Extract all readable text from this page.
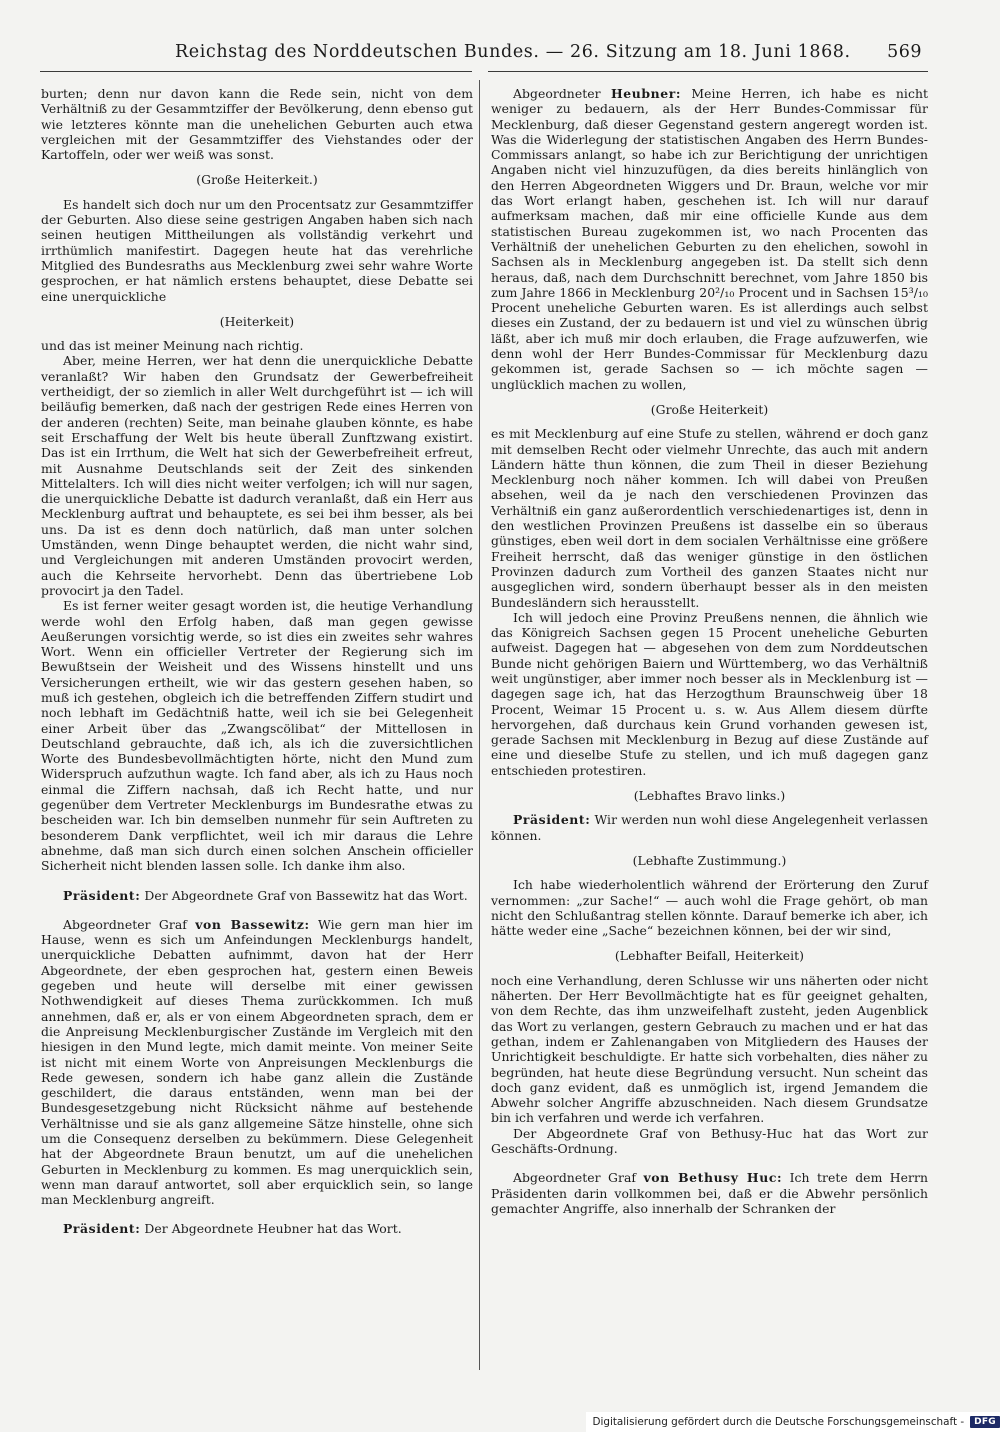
Reichstag des Norddeutschen Bundes. — 26. Sitzung am 18. Juni 1868. 569

burten; denn nur davon kann die Rede sein, nicht von dem Verhältniß zu der Gesammtziffer der Bevölkerung, denn ebenso gut wie letzteres könnte man die unehelichen Geburten auch etwa vergleichen mit der Gesammtziffer des Viehstandes oder der Kartoffeln, oder wer weiß was sonst.

(Große Heiterkeit.)

Es handelt sich doch nur um den Procentsatz zur Gesammtziffer der Geburten. Also diese seine gestrigen Angaben haben sich nach seinen heutigen Mittheilungen als vollständig verkehrt und irrthümlich manifestirt. Dagegen heute hat das verehrliche Mitglied des Bundesraths aus Mecklenburg zwei sehr wahre Worte gesprochen, er hat nämlich erstens behauptet, diese Debatte sei eine unerquickliche

(Heiterkeit)

und das ist meiner Meinung nach richtig.

Aber, meine Herren, wer hat denn die unerquickliche Debatte veranlaßt? Wir haben den Grundsatz der Gewerbefreiheit vertheidigt, der so ziemlich in aller Welt durchgeführt ist — ich will beiläufig bemerken, daß nach der gestrigen Rede eines Herren von der anderen (rechten) Seite, man beinahe glauben könnte, es habe seit Erschaffung der Welt bis heute überall Zunftzwang existirt. Das ist ein Irrthum, die Welt hat sich der Gewerbefreiheit erfreut, mit Ausnahme Deutschlands seit der Zeit des sinkenden Mittelalters. Ich will dies nicht weiter verfolgen; ich will nur sagen, die unerquickliche Debatte ist dadurch veranlaßt, daß ein Herr aus Mecklenburg auftrat und behauptete, es sei bei ihm besser, als bei uns. Da ist es denn doch natürlich, daß man unter solchen Umständen, wenn Dinge behauptet werden, die nicht wahr sind, und Vergleichungen mit anderen Umständen provocirt werden, auch die Kehrseite hervorhebt. Denn das übertriebene Lob provocirt ja den Tadel.

Es ist ferner weiter gesagt worden ist, die heutige Verhandlung werde wohl den Erfolg haben, daß man gegen gewisse Aeußerungen vorsichtig werde, so ist dies ein zweites sehr wahres Wort. Wenn ein officieller Vertreter der Regierung sich im Bewußtsein der Weisheit und des Wissens hinstellt und uns Versicherungen ertheilt, wie wir das gestern gesehen haben, so muß ich gestehen, obgleich ich die betreffenden Ziffern studirt und noch lebhaft im Gedächtniß hatte, weil ich sie bei Gelegenheit einer Arbeit über das „Zwangscölibat“ der Mittellosen in Deutschland gebrauchte, daß ich, als ich die zuversichtlichen Worte des Bundesbevollmächtigten hörte, nicht den Mund zum Widerspruch aufzuthun wagte. Ich fand aber, als ich zu Haus noch einmal die Ziffern nachsah, daß ich Recht hatte, und nur gegenüber dem Vertreter Mecklenburgs im Bundesrathe etwas zu bescheiden war. Ich bin demselben nunmehr für sein Auftreten zu besonderem Dank verpflichtet, weil ich mir daraus die Lehre abnehme, daß man sich durch einen solchen Anschein officieller Sicherheit nicht blenden lassen solle. Ich danke ihm also.

Präsident: Der Abgeordnete Graf von Bassewitz hat das Wort.

Abgeordneter Graf von Bassewitz: Wie gern man hier im Hause, wenn es sich um Anfeindungen Mecklenburgs handelt, unerquickliche Debatten aufnimmt, davon hat der Herr Abgeordnete, der eben gesprochen hat, gestern einen Beweis gegeben und heute will derselbe mit einer gewissen Nothwendigkeit auf dieses Thema zurückkommen. Ich muß annehmen, daß er, als er von einem Abgeordneten sprach, dem er die Anpreisung Mecklenburgischer Zustände im Vergleich mit den hiesigen in den Mund legte, mich damit meinte. Von meiner Seite ist nicht mit einem Worte von Anpreisungen Mecklenburgs die Rede gewesen, sondern ich habe ganz allein die Zustände geschildert, die daraus entständen, wenn man bei der Bundesgesetzgebung nicht Rücksicht nähme auf bestehende Verhältnisse und sie als ganz allgemeine Sätze hinstelle, ohne sich um die Consequenz derselben zu bekümmern. Diese Gelegenheit hat der Abgeordnete Braun benutzt, um auf die unehelichen Geburten in Mecklenburg zu kommen. Es mag unerquicklich sein, wenn man darauf antwortet, soll aber erquicklich sein, so lange man Mecklenburg angreift.

Präsident: Der Abgeordnete Heubner hat das Wort.

Abgeordneter Heubner: Meine Herren, ich habe es nicht weniger zu bedauern, als der Herr Bundes-Commissar für Mecklenburg, daß dieser Gegenstand gestern angeregt worden ist. Was die Widerlegung der statistischen Angaben des Herrn Bundes-Commissars anlangt, so habe ich zur Berichtigung der unrichtigen Angaben nicht viel hinzuzufügen, da dies bereits hinlänglich von den Herren Abgeordneten Wiggers und Dr. Braun, welche vor mir das Wort erlangt haben, geschehen ist. Ich will nur darauf aufmerksam machen, daß mir eine officielle Kunde aus dem statistischen Bureau zugekommen ist, wo nach Procenten das Verhältniß der unehelichen Geburten zu den ehelichen, sowohl in Sachsen als in Mecklenburg angegeben ist. Da stellt sich denn heraus, daß, nach dem Durchschnitt berechnet, vom Jahre 1850 bis zum Jahre 1866 in Mecklenburg 20²/₁₀ Procent und in Sachsen 15³/₁₀ Procent uneheliche Geburten waren. Es ist allerdings auch selbst dieses ein Zustand, der zu bedauern ist und viel zu wünschen übrig läßt, aber ich muß mir doch erlauben, die Frage aufzuwerfen, wie denn wohl der Herr Bundes-Commissar für Mecklenburg dazu gekommen ist, gerade Sachsen so — ich möchte sagen — unglücklich machen zu wollen,

(Große Heiterkeit)

es mit Mecklenburg auf eine Stufe zu stellen, während er doch ganz mit demselben Recht oder vielmehr Unrechte, das auch mit andern Ländern hätte thun können, die zum Theil in dieser Beziehung Mecklenburg noch näher kommen. Ich will dabei von Preußen absehen, weil da je nach den verschiedenen Provinzen das Verhältniß ein ganz außerordentlich verschiedenartiges ist, denn in den westlichen Provinzen Preußens ist dasselbe ein so überaus günstiges, eben weil dort in dem socialen Verhältnisse eine größere Freiheit herrscht, daß das weniger günstige in den östlichen Provinzen dadurch zum Vortheil des ganzen Staates nicht nur ausgeglichen wird, sondern überhaupt besser als in den meisten Bundesländern sich herausstellt.

Ich will jedoch eine Provinz Preußens nennen, die ähnlich wie das Königreich Sachsen gegen 15 Procent uneheliche Geburten aufweist. Dagegen hat — abgesehen von dem zum Norddeutschen Bunde nicht gehörigen Baiern und Württemberg, wo das Verhältniß weit ungünstiger, aber immer noch besser als in Mecklenburg ist — dagegen sage ich, hat das Herzogthum Braunschweig über 18 Procent, Weimar 15 Procent u. s. w. Aus Allem diesem dürfte hervorgehen, daß durchaus kein Grund vorhanden gewesen ist, gerade Sachsen mit Mecklenburg in Bezug auf diese Zustände auf eine und dieselbe Stufe zu stellen, und ich muß dagegen ganz entschieden protestiren.

(Lebhaftes Bravo links.)

Präsident: Wir werden nun wohl diese Angelegenheit verlassen können.

(Lebhafte Zustimmung.)

Ich habe wiederholentlich während der Erörterung den Zuruf vernommen: „zur Sache!“ — auch wohl die Frage gehört, ob man nicht den Schlußantrag stellen könnte. Darauf bemerke ich aber, ich hätte weder eine „Sache“ bezeichnen können, bei der wir sind,

(Lebhafter Beifall, Heiterkeit)

noch eine Verhandlung, deren Schlusse wir uns näherten oder nicht näherten. Der Herr Bevollmächtigte hat es für geeignet gehalten, von dem Rechte, das ihm unzweifelhaft zusteht, jeden Augenblick das Wort zu verlangen, gestern Gebrauch zu machen und er hat das gethan, indem er Zahlenangaben von Mitgliedern des Hauses der Unrichtigkeit beschuldigte. Er hatte sich vorbehalten, dies näher zu begründen, hat heute diese Begründung versucht. Nun scheint das doch ganz evident, daß es unmöglich ist, irgend Jemandem die Abwehr solcher Angriffe abzuschneiden. Nach diesem Grundsatze bin ich verfahren und werde ich verfahren.

Der Abgeordnete Graf von Bethusy-Huc hat das Wort zur Geschäfts-Ordnung.

Abgeordneter Graf von Bethusy Huc: Ich trete dem Herrn Präsidenten darin vollkommen bei, daß er die Abwehr persönlich gemachter Angriffe, also innerhalb der Schranken der

Digitalisierung gefördert durch die Deutsche Forschungsgemeinschaft -	DFG
